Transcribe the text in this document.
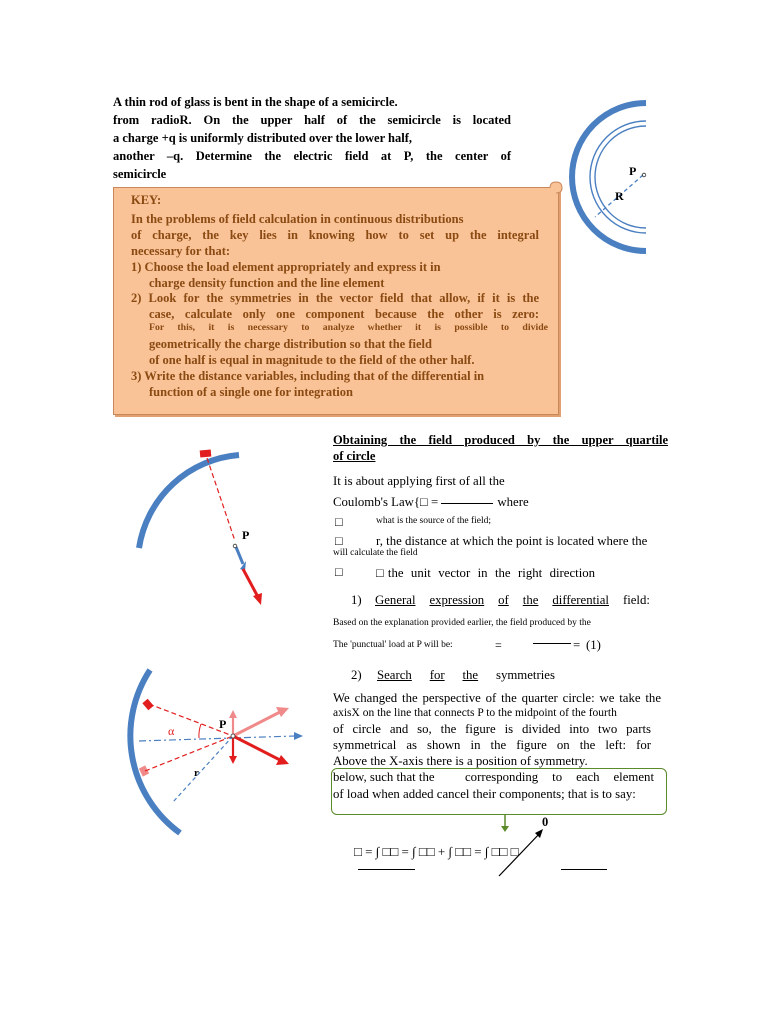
A thin rod of glass is bent in the shape of a semicircle.
from radioR. On the upper half of the semicircle is located
a charge +q is uniformly distributed over the lower half,
another –q. Determine the electric field at P, the center of
semicircle	P
R
KEY:
In the problems of field calculation in continuous distributions
of charge, the key lies in knowing how to set up the integral
necessary for that:
1) Choose the load element appropriately and express it in
charge density function and the line element
2) Look for the symmetries in the vector field that allow, if it is the
case, calculate only one component because the other is zero:
For this, it is necessary to analyze whether it is possible to divide
geometrically the charge distribution so that the field
of one half is equal in magnitude to the field of the other half.
3) Write the distance variables, including that of the differential in
function of a single one for integration
Obtaining the field produced by the upper quartile
of circle
P
It is about applying first of all the
Coulomb's Law{□ =	where
□	what is the source of the field;
□	r, the distance at which the point is located where the
will calculate the field
□	□the unit vector in the right direction
1) General expression of the differential field:
Based on the explanation provided earlier, the field produced by the
The 'punctual' load at P will be:	=	= (1)
2) Search for the symmetries
We changed the perspective of the quarter circle: we take the
axisX on the line that connects P to the midpoint of the fourth
of circle and so, the figure is divided into two parts
symmetrical as shown in the figure on the left: for
Above the X-axis there is a position of symmetry.
below, such that the corresponding to each element
of load when added cancel their components; that is to say:
P
α
r
0
□ = ∫ □□ = ∫ □□ + ∫ □□ = ∫ □□ □
